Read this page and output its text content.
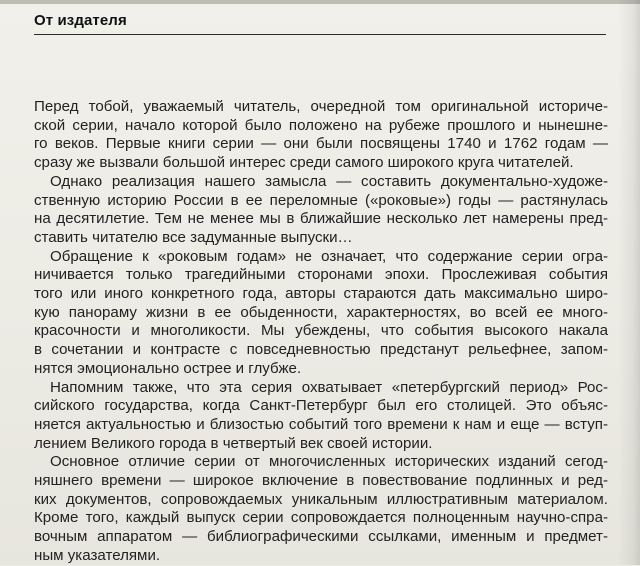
От издателя
Перед тобой, уважаемый читатель, очередной том оригинальной историче-
ской серии, начало которой было положено на рубеже прошлого и нынешне-
го веков. Первые книги серии — они были посвящены 1740 и 1762 годам —
сразу же вызвали большой интерес среди самого широкого круга читателей.
Однако реализация нашего замысла — составить документально-художе-
ственную историю России в ее переломные («роковые») годы — растянулась
на десятилетие. Тем не менее мы в ближайшие несколько лет намерены пред-
ставить читателю все задуманные выпуски…
Обращение к «роковым годам» не означает, что содержание серии огра-
ничивается только трагедийными сторонами эпохи. Прослеживая события
того или иного конкретного года, авторы стараются дать максимально широ-
кую панораму жизни в ее обыденности, характерностях, во всей ее много-
красочности и многоликости. Мы убеждены, что события высокого накала
в сочетании и контрасте с повседневностью предстанут рельефнее, запом-
нятся эмоционально острее и глубже.
Напомним также, что эта серия охватывает «петербургский период» Рос-
сийского государства, когда Санкт-Петербург был его столицей. Это объяс-
няется актуальностью и близостью событий того времени к нам и еще — вступ-
лением Великого города в четвертый век своей истории.
Основное отличие серии от многочисленных исторических изданий сегод-
няшнего времени — широкое включение в повествование подлинных и ред-
ких документов, сопровождаемых уникальным иллюстративным материалом.
Кроме того, каждый выпуск серии сопровождается полноценным научно-спра-
вочным аппаратом — библиографическими ссылками, именным и предмет-
ным указателями.
